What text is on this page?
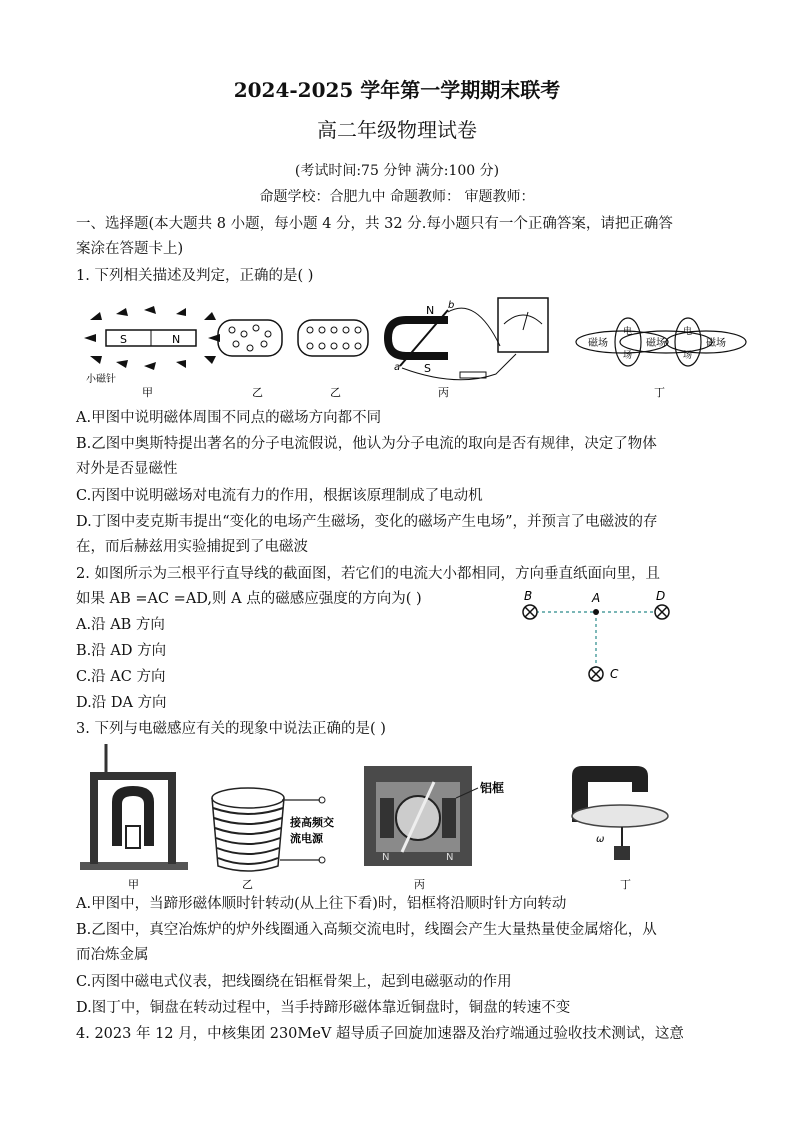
2024-2025 学年第一学期期末联考
高二年级物理试卷
(考试时间:75 分钟 满分:100 分)
命题学校：合肥九中 命题教师： 审题教师：
一、选择题(本大题共 8 小题，每小题 4 分，共 32 分.每小题只有一个正确答案，请把正确答
案涂在答题卡上)
1. 下列相关描述及判定，正确的是( )
S	N
小磁针
甲	乙	乙
N
S
a
b
丙
磁场	磁场	磁场
电
场
电
场
丁
A.甲图中说明磁体周围不同点的磁场方向都不同
B.乙图中奥斯特提出著名的分子电流假说，他认为分子电流的取向是否有规律，决定了物体
对外是否显磁性
C.丙图中说明磁场对电流有力的作用，根据该原理制成了电动机
D.丁图中麦克斯韦提出“变化的电场产生磁场，变化的磁场产生电场”，并预言了电磁波的存
在，而后赫兹用实验捕捉到了电磁波
2. 如图所示为三根平行直导线的截面图，若它们的电流大小都相同，方向垂直纸面向里，且
如果 AB =AC =AD,则 A 点的磁感应强度的方向为( )
A.沿 AB 方向
B.沿 AD 方向
C.沿 AC 方向
D.沿 DA 方向
B	A	D
C
3. 下列与电磁感应有关的现象中说法正确的是( )
甲
接高频交
流电源
乙
N	N
铝框
丙
ω
丁
A.甲图中，当蹄形磁体顺时针转动(从上往下看)时，铝框将沿顺时针方向转动
B.乙图中，真空冶炼炉的炉外线圈通入高频交流电时，线圈会产生大量热量使金属熔化，从
而冶炼金属
C.丙图中磁电式仪表，把线圈绕在铝框骨架上，起到电磁驱动的作用
D.图丁中，铜盘在转动过程中，当手持蹄形磁体靠近铜盘时，铜盘的转速不变
4. 2023 年 12 月，中核集团 230MeV 超导质子回旋加速器及治疗端通过验收技术测试，这意
